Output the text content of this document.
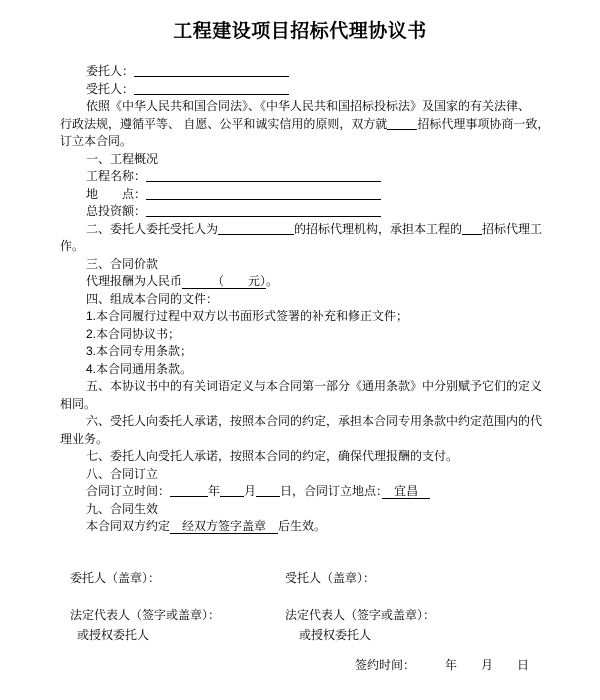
工程建设项目招标代理协议书
委托人：
受托人：
依照《中华人民共和国合同法》、《中华人民共和国招标投标法》及国家的有关法律、
行政法规，遵循平等、 自愿、公平和诚实信用的原则，双方就	招标代理事项协商一致，
订立本合同。
一、工程概况
工程名称：
地　　点：
总投资额：
二、委托人委托受托人为	的招标代理机构，承担本工程的 招标代理工
作。
三、合同价款
代理报酬为人民币　　　（　　元）。
四、组成本合同的文件：
1.本合同履行过程中双方以书面形式签署的补充和修正文件；
2.本合同协议书；
3.本合同专用条款；
4.本合同通用条款。
五、本协议书中的有关词语定义与本合同第一部分《通用条款》中分别赋予它们的定义
相同。
六、受托人向委托人承诺，按照本合同的约定，承担本合同专用条款中约定范围内的代
理业务。
七、委托人向受托人承诺，按照本合同的约定，确保代理报酬的支付。
八、合同订立
合同订立时间：	年 月 日，合同订立地点：　宜昌　
九、合同生效
本合同双方约定　经双方签字盖章　后生效。
委托人（盖章）：	受托人（盖章）：
法定代表人（签字或盖章）：	法定代表人（签字或盖章）：
或授权委托人	或授权委托人
签约时间：　　　年　　月　　日
